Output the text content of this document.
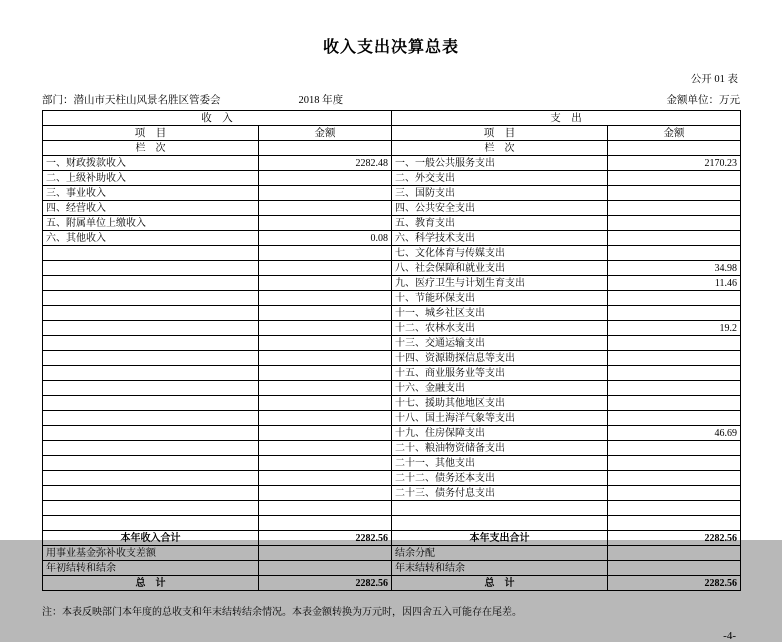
收入支出决算总表
公开 01 表
部门：潜山市天柱山风景名胜区管委会	2018 年度	金额单位：万元
收　入		支　出	
项　目	金额	项　目	金额
栏　次		栏　次	
一、财政拨款收入	2282.48	一、一般公共服务支出	2170.23
二、上级补助收入		二、外交支出	
三、事业收入		三、国防支出	
四、经营收入		四、公共安全支出	
五、附属单位上缴收入		五、教育支出	
六、其他收入	0.08	六、科学技术支出	
		七、文化体育与传媒支出	
		八、社会保障和就业支出	34.98
		九、医疗卫生与计划生育支出	11.46
		十、节能环保支出	
		十一、城乡社区支出	
		十二、农林水支出	19.2
		十三、交通运输支出	
		十四、资源勘探信息等支出	
		十五、商业服务业等支出	
		十六、金融支出	
		十七、援助其他地区支出	
		十八、国土海洋气象等支出	
		十九、住房保障支出	46.69
		二十、粮油物资储备支出	
		二十一、其他支出	
		二十二、债务还本支出	
		二十三、债务付息支出	

本年收入合计	2282.56	本年支出合计	2282.56
用事业基金弥补收支差额		结余分配	
年初结转和结余		年末结转和结余	
总　计	2282.56	总　计	2282.56
注：本表反映部门本年度的总收支和年末结转结余情况。本表金额转换为万元时，因四舍五入可能存在尾差。
-4-
